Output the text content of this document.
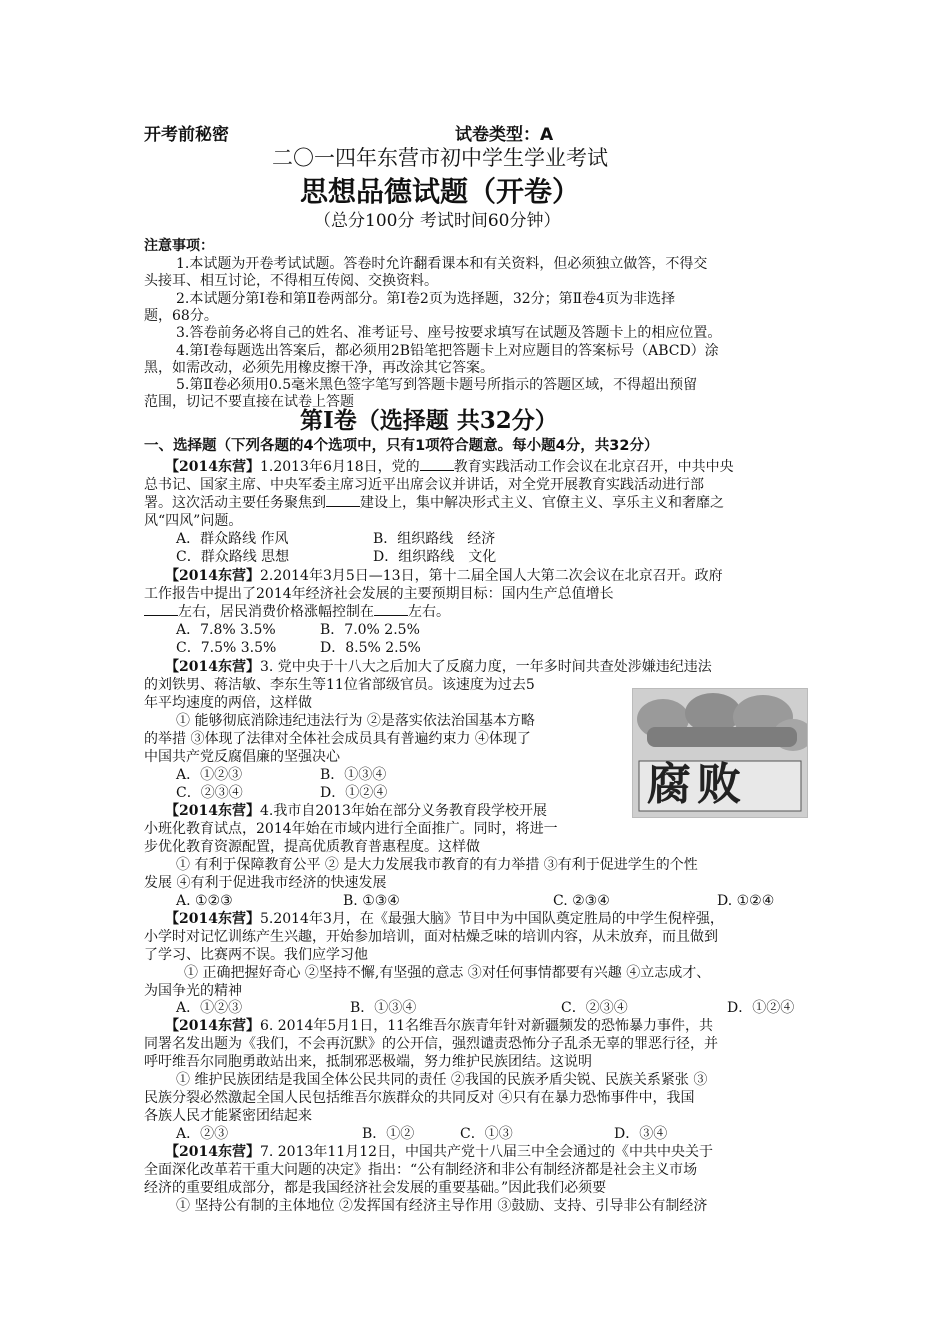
开考前秘密	试卷类型：A
二〇一四年东营市初中学生学业考试
思想品德试题（开卷）
（总分100分 考试时间60分钟）
注意事项：
1.本试题为开卷考试试题。答卷时允许翻看课本和有关资料，但必须独立做答，不得交
头接耳、相互讨论，不得相互传阅、交换资料。
2.本试题分第Ⅰ卷和第Ⅱ卷两部分。第Ⅰ卷2页为选择题，32分；第Ⅱ卷4页为非选择
题，68分。
3.答卷前务必将自己的姓名、准考证号、座号按要求填写在试题及答题卡上的相应位置。
4.第Ⅰ卷每题选出答案后，都必须用2B铅笔把答题卡上对应题目的答案标号（ABCD）涂
黑，如需改动，必须先用橡皮擦干净，再改涂其它答案。
5.第Ⅱ卷必须用0.5毫米黑色签字笔写到答题卡题号所指示的答题区域，不得超出预留
范围，切记不要直接在试卷上答题
第Ⅰ卷（选择题 共32分）
一、选择题（下列各题的4个选项中，只有1项符合题意。每小题4分，共32分）
【2014东营】1.2013年6月18日，党的 教育实践活动工作会议在北京召开，中共中央
总书记、国家主席、中央军委主席习近平出席会议并讲话，对全党开展教育实践活动进行部
署。这次活动主要任务聚焦到 建设上，集中解决形式主义、官僚主义、享乐主义和奢靡之
风“四风”问题。
A．群众路线 作风	B．组织路线　经济
C．群众路线 思想	D．组织路线　文化
【2014东营】2.2014年3月5日—13日，第十二届全国人大第二次会议在北京召开。政府
工作报告中提出了2014年经济社会发展的主要预期目标：国内生产总值增长
左右，居民消费价格涨幅控制在 左右。
A．7.8% 3.5%	B．7.0% 2.5%
C．7.5% 3.5%	D．8.5% 2.5%
【2014东营】3. 党中央于十八大之后加大了反腐力度，一年多时间共查处涉嫌违纪违法
的刘铁男、蒋洁敏、李东生等11位省部级官员。该速度为过去5
年平均速度的两倍，这样做
① 能够彻底消除违纪违法行为 ②是落实依法治国基本方略
的举措 ③体现了法律对全体社会成员具有普遍约束力 ④体现了
中国共产党反腐倡廉的坚强决心
A．①②③	B．①③④
C．②③④	D．①②④	腐败
【2014东营】4.我市自2013年始在部分义务教育段学校开展
小班化教育试点，2014年始在市域内进行全面推广。同时，将进一
步优化教育资源配置，提高优质教育普惠程度。这样做
① 有利于保障教育公平 ② 是大力发展我市教育的有力举措 ③有利于促进学生的个性
发展 ④有利于促进我市经济的快速发展
A. ①②③	B. ①③④	C. ②③④	D. ①②④
【2014东营】5.2014年3月，在《最强大脑》节目中为中国队奠定胜局的中学生倪梓强，
小学时对记忆训练产生兴趣，开始参加培训，面对枯燥乏味的培训内容，从未放弃，而且做到
了学习、比赛两不误。我们应学习他
① 正确把握好奇心 ②坚持不懈,有坚强的意志 ③对任何事情都要有兴趣 ④立志成才、
为国争光的精神
A．①②③	B．①③④	C．②③④	D．①②④
【2014东营】6. 2014年5月1日，11名维吾尔族青年针对新疆频发的恐怖暴力事件，共
同署名发出题为《我们，不会再沉默》的公开信，强烈谴责恐怖分子乱杀无辜的罪恶行径，并
呼吁维吾尔同胞勇敢站出来，抵制邪恶极端，努力维护民族团结。这说明
① 维护民族团结是我国全体公民共同的责任 ②我国的民族矛盾尖锐、民族关系紧张 ③
民族分裂必然激起全国人民包括维吾尔族群众的共同反对 ④只有在暴力恐怖事件中，我国
各族人民才能紧密团结起来
A．②③	B．①②	C．①③	D．③④
【2014东营】7. 2013年11月12日，中国共产党十八届三中全会通过的《中共中央关于
全面深化改革若干重大问题的决定》指出：“公有制经济和非公有制经济都是社会主义市场
经济的重要组成部分，都是我国经济社会发展的重要基础。”因此我们必须要
① 坚持公有制的主体地位 ②发挥国有经济主导作用 ③鼓励、支持、引导非公有制经济
